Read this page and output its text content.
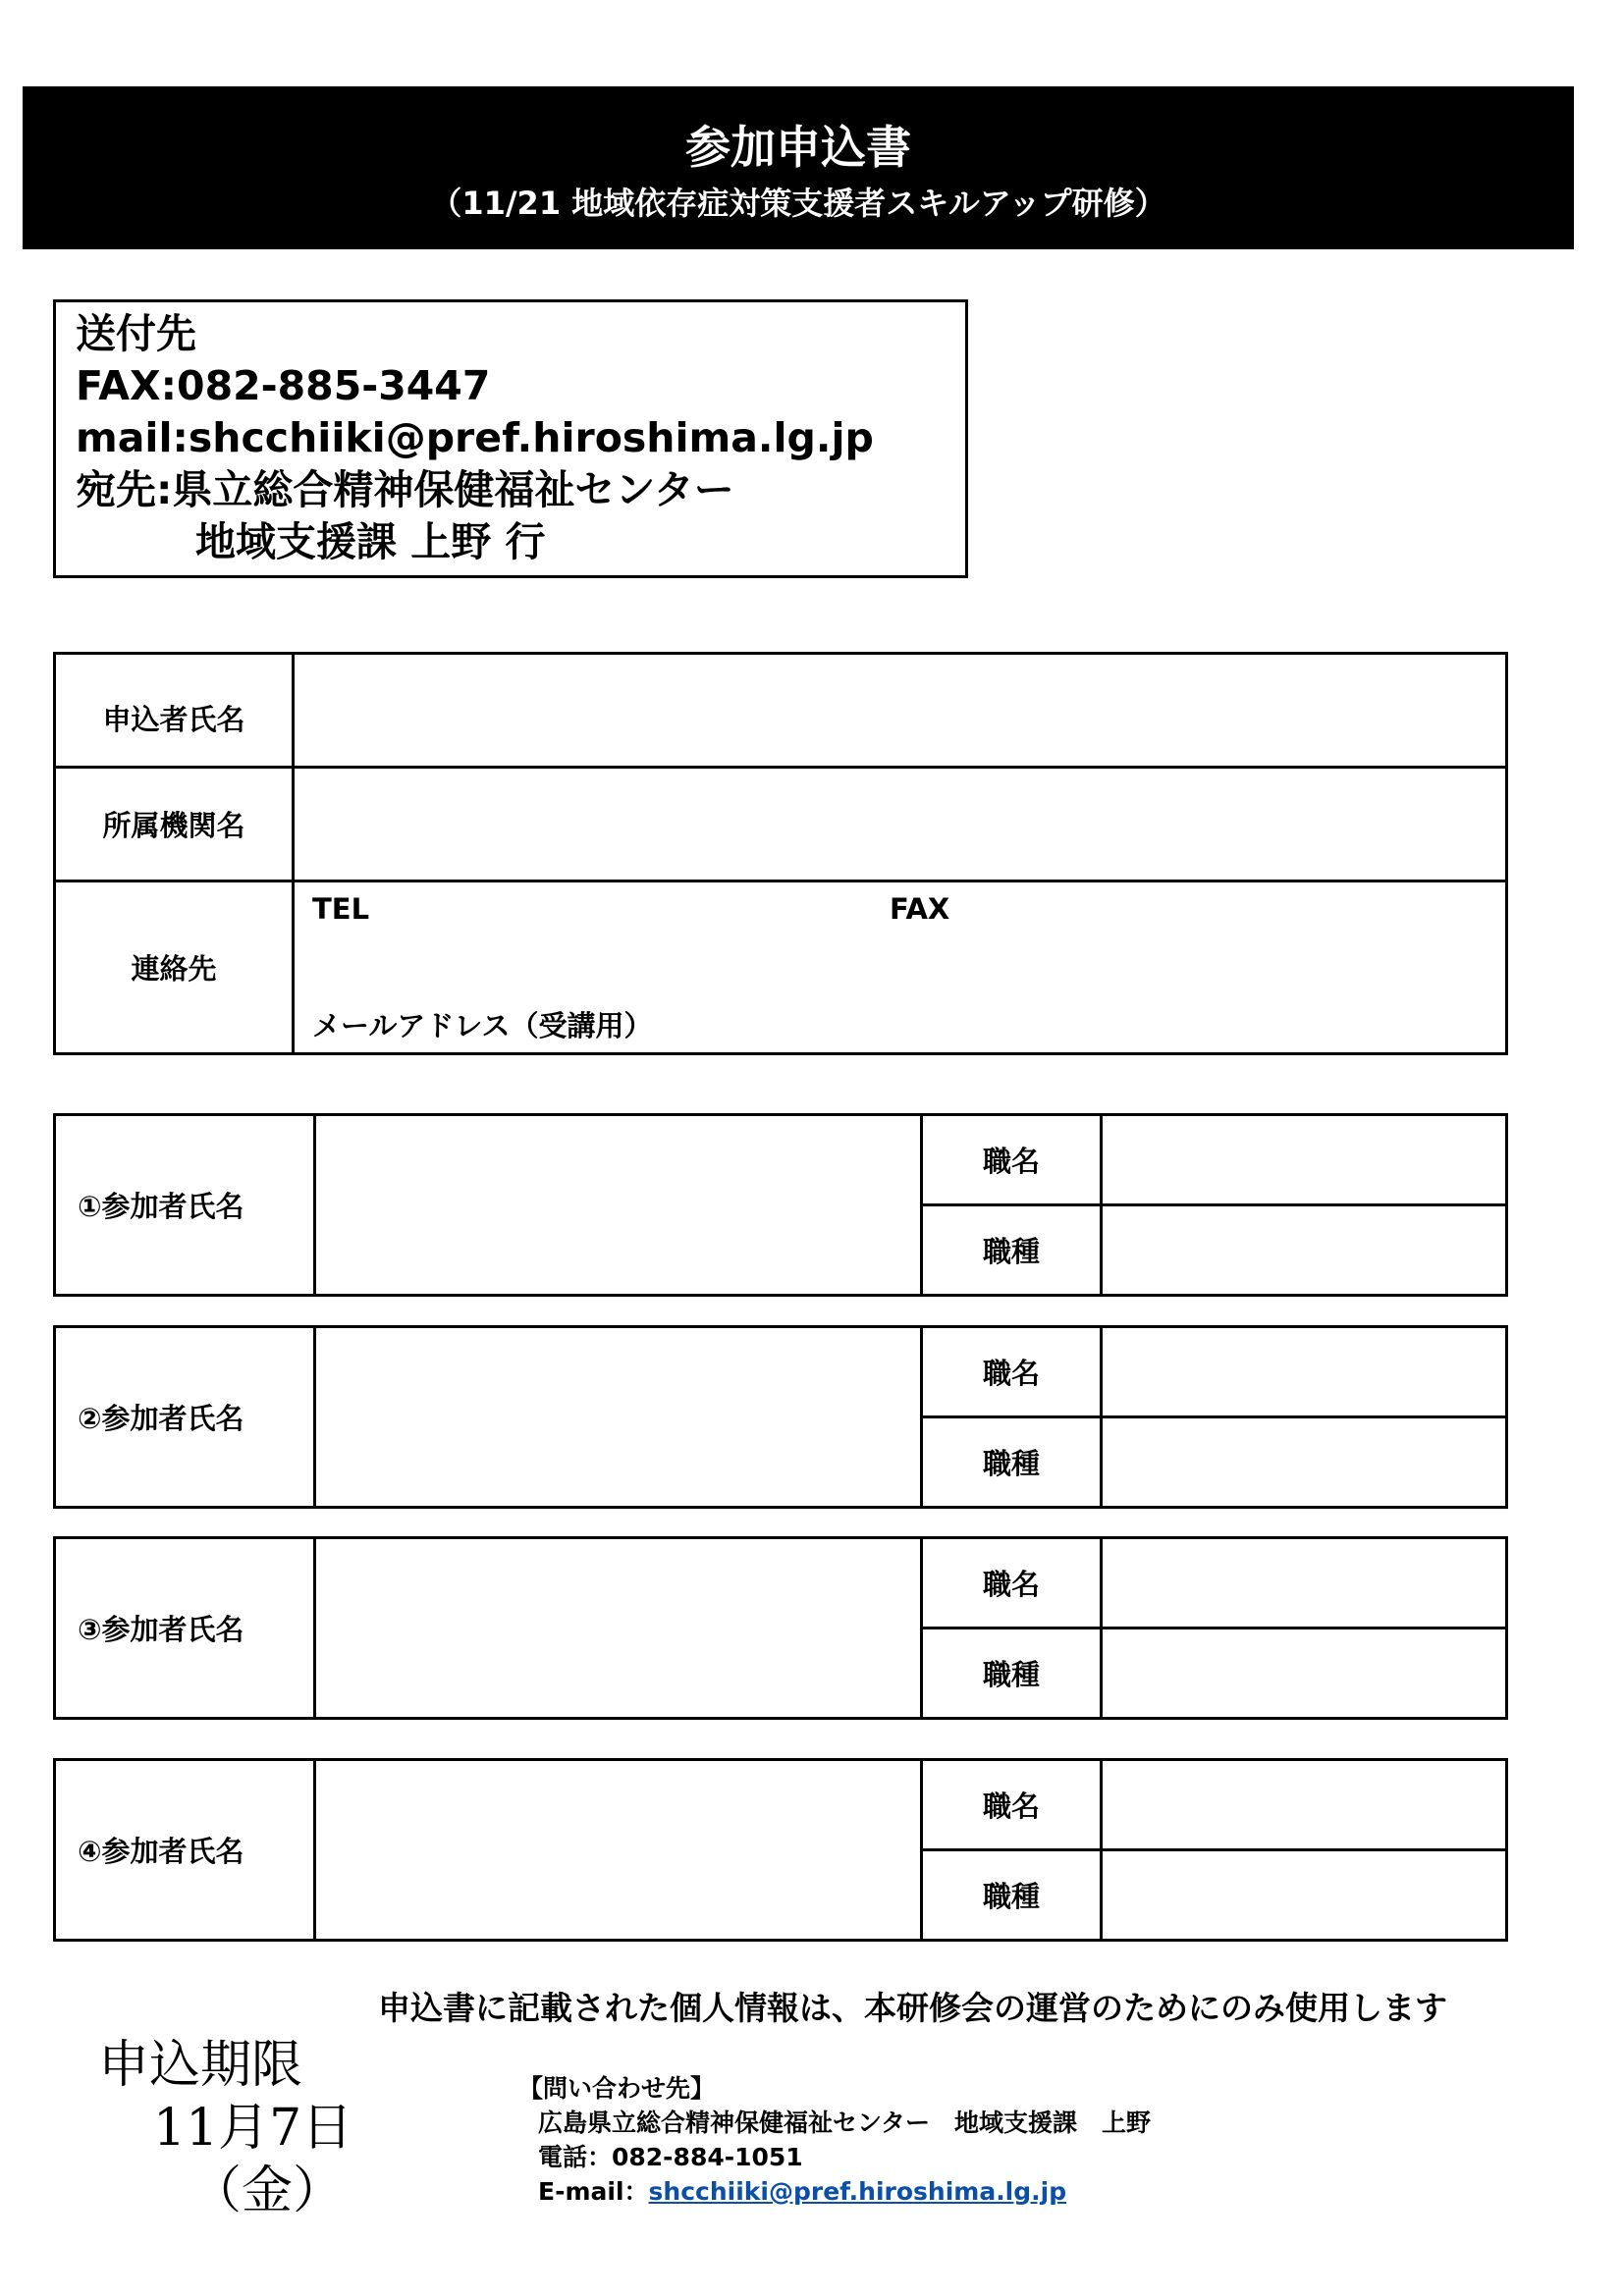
参加申込書
（11/21 地域依存症対策支援者スキルアップ研修）
送付先
FAX:082-885-3447
mail:shcchiiki@pref.hiroshima.lg.jp
宛先:県立総合精神保健福祉センター
地域支援課 上野 行
申込者氏名	
所属機関名	
連絡先	TEL FAX
メールアドレス（受講用）
①参加者氏名		職名	
		職種	
②参加者氏名		職名	
		職種	
③参加者氏名		職名	
		職種	
④参加者氏名		職名	
		職種	
申込書に記載された個人情報は、本研修会の運営のためにのみ使用します
申込期限
11月7日
（金）
【問い合わせ先】
広島県立総合精神保健福祉センター　地域支援課　上野
電話：082-884-1051
E-mail：shcchiiki@pref.hiroshima.lg.jp
